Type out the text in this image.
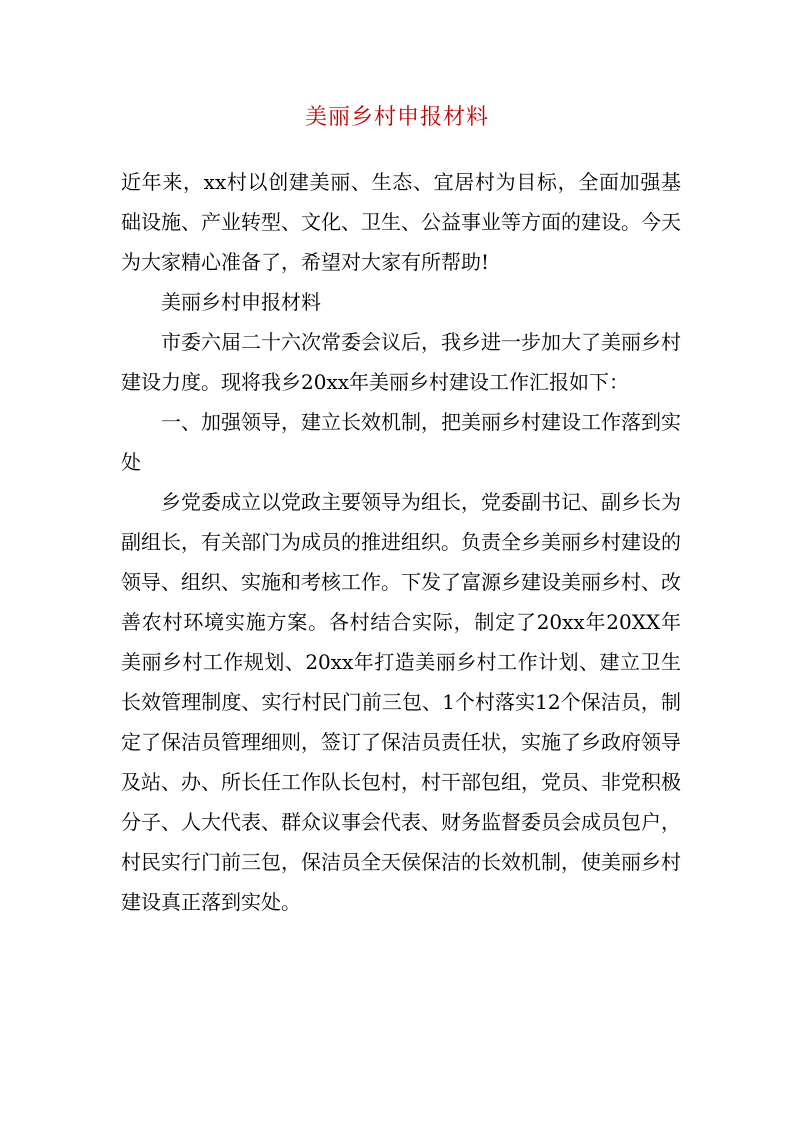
美丽乡村申报材料

近年来，xx村以创建美丽、生态、宜居村为目标，全面加强基础设施、产业转型、文化、卫生、公益事业等方面的建设。今天为大家精心准备了，希望对大家有所帮助!

美丽乡村申报材料

市委六届二十六次常委会议后，我乡进一步加大了美丽乡村建设力度。现将我乡20xx年美丽乡村建设工作汇报如下：

一、加强领导，建立长效机制，把美丽乡村建设工作落到实处

乡党委成立以党政主要领导为组长，党委副书记、副乡长为副组长，有关部门为成员的推进组织。负责全乡美丽乡村建设的领导、组织、实施和考核工作。下发了富源乡建设美丽乡村、改善农村环境实施方案。各村结合实际，制定了20xx年20XX年美丽乡村工作规划、20xx年打造美丽乡村工作计划、建立卫生长效管理制度、实行村民门前三包、1个村落实12个保洁员，制定了保洁员管理细则，签订了保洁员责任状，实施了乡政府领导及站、办、所长任工作队长包村，村干部包组，党员、非党积极分子、人大代表、群众议事会代表、财务监督委员会成员包户，村民实行门前三包，保洁员全天侯保洁的长效机制，使美丽乡村建设真正落到实处。
